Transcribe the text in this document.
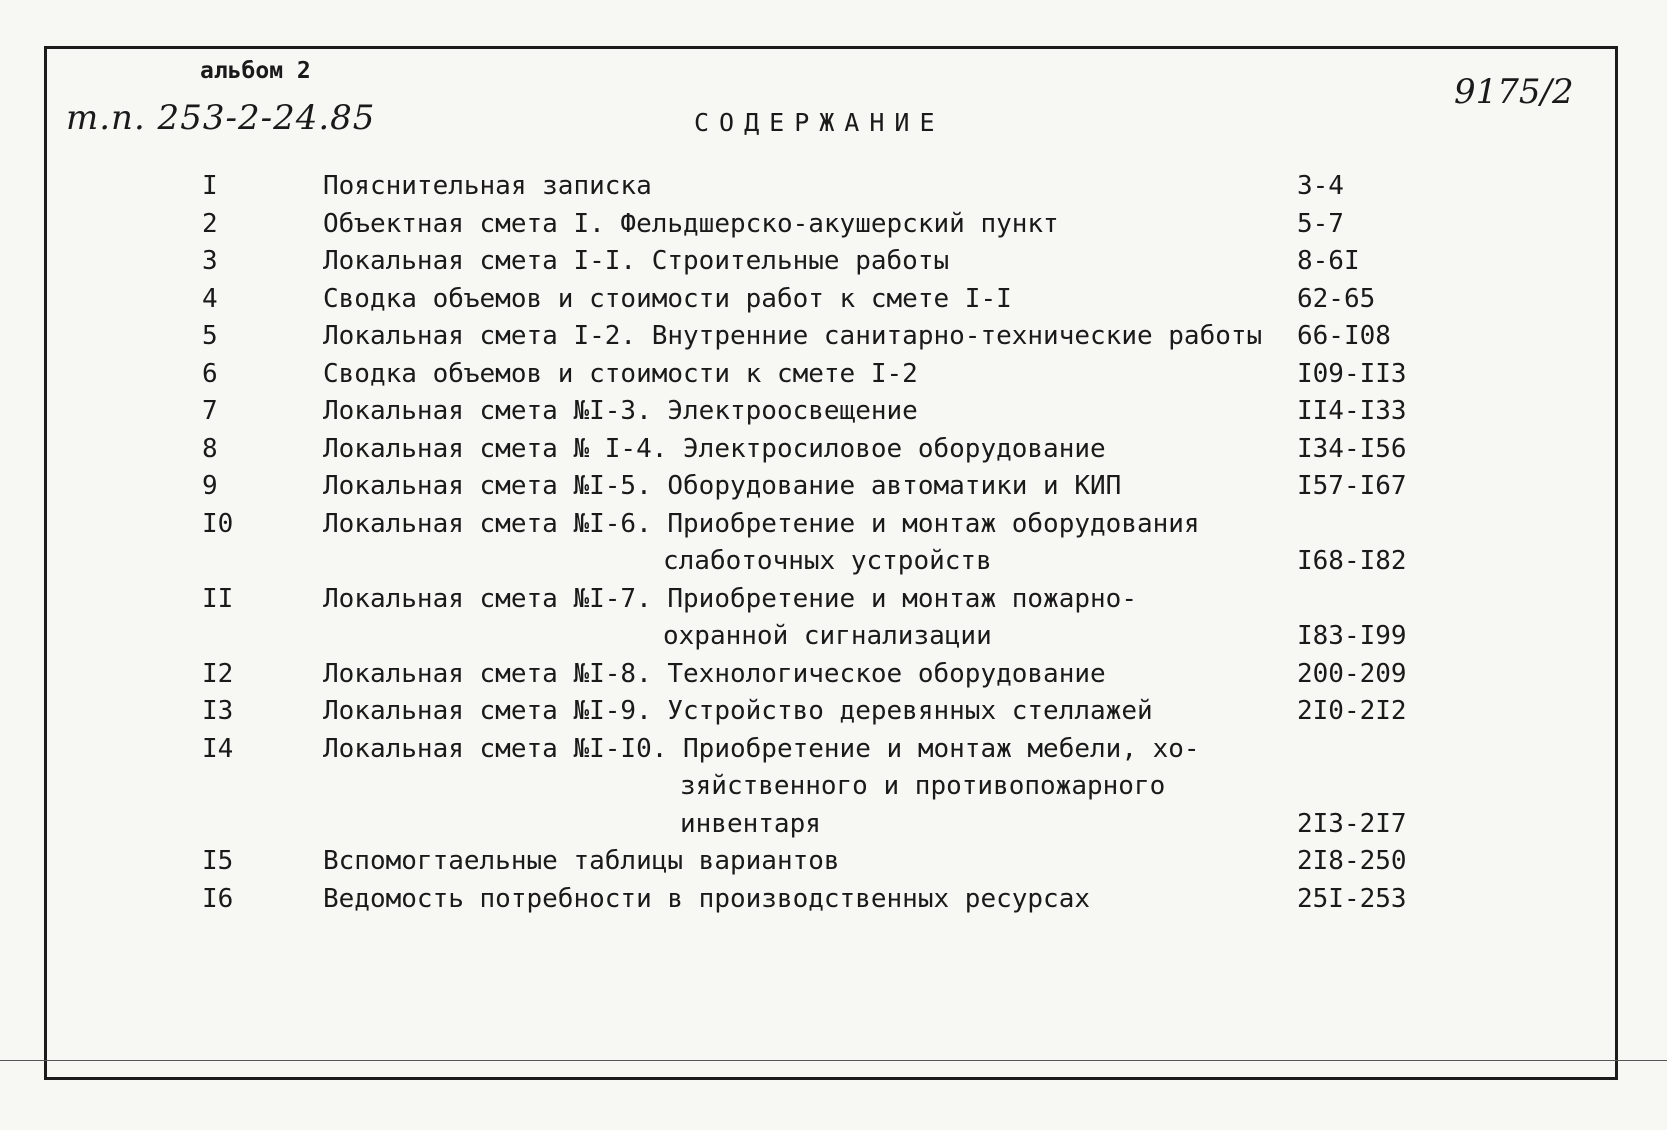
альбом 2
т.п. 253-2-24.85
9175/2
СОДЕРЖАНИЕ
I	Пояснительная записка	3-4
2	Объектная смета I. Фельдшерско-акушерский пункт	5-7
3	Локальная смета I-I. Строительные работы	8-6I
4	Сводка объемов и стоимости работ к смете I-I	62-65
5	Локальная смета I-2. Внутренние санитарно-технические работы 66-I08
6	Сводка объемов и стоимости к смете I-2	I09-II3
7	Локальная смета №I-3. Электроосвещение	II4-I33
8	Локальная смета № I-4. Электросиловое оборудование	I34-I56
9	Локальная смета №I-5. Оборудование автоматики и КИП	I57-I67
I0	Локальная смета №I-6. Приобретение и монтаж оборудования
слаботочных устройств	I68-I82
II	Локальная смета №I-7. Приобретение и монтаж пожарно-
охранной сигнализации	I83-I99
I2	Локальная смета №I-8. Технологическое оборудование	200-209
I3	Локальная смета №I-9. Устройство деревянных стеллажей	2I0-2I2
I4	Локальная смета №I-I0. Приобретение и монтаж мебели, хо-
зяйственного и противопожарного
инвентаря	2I3-2I7
I5	Вспомогтаельные таблицы вариантов	2I8-250
I6	Ведомость потребности в производственных ресурсах	25I-253
